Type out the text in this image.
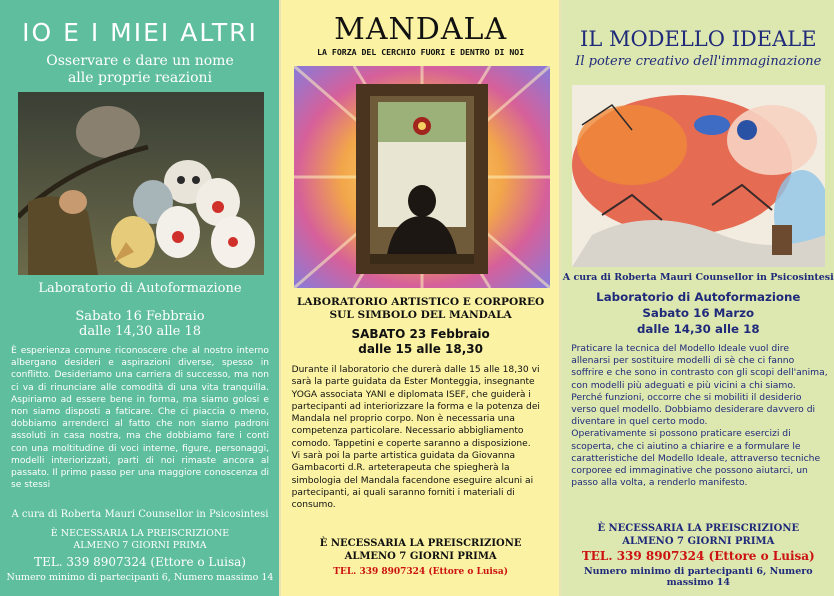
IO E I MIEI ALTRI
Osservare e dare un nome
alle proprie reazioni
Laboratorio di Autoformazione
Sabato 16 Febbraio
dalle 14,30 alle 18

È esperienza comune riconoscere che al nostro interno albergano desideri e aspirazioni diverse, spesso in conflitto. Desideriamo una carriera di successo, ma non ci va di rinunciare alle comodità di una vita tranquilla. Aspiriamo ad essere bene in forma, ma siamo golosi e non siamo disposti a faticare. Che ci piaccia o meno, dobbiamo arrenderci al fatto che non siamo padroni assoluti in casa nostra, ma che dobbiamo fare i conti con una moltitudine di voci interne, figure, personaggi, modelli interiorizzati, parti di noi rimaste ancora al passato. Il primo passo per una maggiore conoscenza di se stessi

A cura di Roberta Mauri Counsellor in Psicosintesi
È NECESSARIA LA PREISCRIZIONE
ALMENO 7 GIORNI PRIMA
TEL. 339 8907324 (Ettore o Luisa)
Numero minimo di partecipanti 6, Numero massimo 14
MANDALA
LA FORZA DEL CERCHIO FUORI E DENTRO DI NOI
LABORATORIO ARTISTICO E CORPOREO
SUL SIMBOLO DEL MANDALA
SABATO 23 Febbraio
dalle 15 alle 18,30

Durante il laboratorio che durerà dalle 15 alle 18,30 vi sarà la parte guidata da Ester Monteggia, insegnante YOGA associata YANI e diplomata ISEF, che guiderà i partecipanti ad interiorizzare la forma e la potenza dei Mandala nel proprio corpo. Non è necessaria una competenza particolare. Necessario abbigliamento comodo. Tappetini e coperte saranno a disposizione.

Vi sarà poi la parte artistica guidata da Giovanna Gambacorti d.R. arteterapeuta che spiegherà la simbologia del Mandala facendone eseguire alcuni ai partecipanti, ai quali saranno forniti i materiali di consumo.

È NECESSARIA LA PREISCRIZIONE
ALMENO 7 GIORNI PRIMA
TEL. 339 8907324 (Ettore o Luisa)
IL MODELLO IDEALE
Il potere creativo dell'immaginazione
A cura di Roberta Mauri Counsellor in Psicosintesi
Laboratorio di Autoformazione
Sabato 16 Marzo
dalle 14,30 alle 18

Praticare la tecnica del Modello Ideale vuol dire allenarsi per sostituire modelli di sè che ci fanno soffrire e che sono in contrasto con gli scopi dell'anima, con modelli più adeguati e più vicini a chi siamo. Perché funzioni, occorre che si mobiliti il desiderio verso quel modello. Dobbiamo desiderare davvero di diventare in quel certo modo.

Operativamente si possono praticare esercizi di scoperta, che ci aiutino a chiarire e a formulare le caratteristiche del Modello Ideale, attraverso tecniche corporee ed immaginative che possono aiutarci, un passo alla volta, a renderlo manifesto.

È NECESSARIA LA PREISCRIZIONE
ALMENO 7 GIORNI PRIMA
TEL. 339 8907324 (Ettore o Luisa)
Numero minimo di partecipanti 6, Numero massimo 14
